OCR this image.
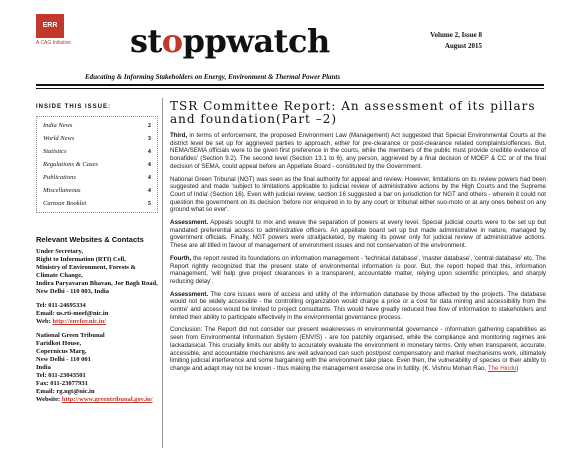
ERR
A CAG Initiative stoppwatch	Volume 2, Issue 8
August 2015
Educating & Informing Stakeholders on Energy, Environment & Thermal Power Plants
INSIDE THIS ISSUE:
India News	2
World News	3
Statistics	4
Regulations & Cases	4
Publications	4
Miscellaneous	4
Cartoon Booklet	5
Relevant Websites & Contacts
Under Secretary,
Right to Information (RTI) Cell,
Ministry of Environment, Forests & Climate Change,
Indira Paryavaran Bhavan, Jor Bagh Road,
New Delhi - 110 003, India
Tel: 011-24695334
Email: us.rti-moef@nic.in
Web: http://envfor.nic.in/
National Green Tribunal
Faridkot House,
Copernicus Marg,
New Delhi - 110 001
India
Tel: 011-23043501
Fax: 011-23077931
Email: rg.ngt@nic.in
Website: http://www.greentribunal.gov.in/
TSR Committee Report: An assessment of its pillars and foundation(Part –2)

Third, in terms of enforcement, the proposed Environment Law (Management) Act suggested that Special Environmental Courts at the district level be set up for aggrieved parties to approach, either for pre-clearance or post-clearance related complaints/offences. But, NEMA/SEMA officials were to be given first preference in the courts, while the members of the public must provide credible evidence of bonafides' (Section 9.2). The second level (Section 13.1 to 6), any person, aggrieved by a final decision of MOEF & CC or of the final decision of SEMA, could appeal before an Appellate Board - constituted by the Government.

National Green Tribunal (NGT) was seen as the final authority for appeal and review. However, limitations on its review powers had been suggested and made 'subject to limitations applicable to judicial review of administrative actions by the High Courts and the Supreme Court of India' (Section 16). Even with judicial review, section 16 suggested a bar on jurisdiction for NGT and others - wherein it could not question the government on its decision 'before nor enquired in to by any court or tribunal either suo-moto or at any ones behest on any ground what so ever'.

Assessment. Appeals sought to mix and weave the separation of powers at every level. Special judicial courts were to be set up but mandated preferential access to administrative officers. An appellate board set up but made administrative in nature, managed by government officials. Finally, NGT powers were straitjacketed, by making its power only for judicial review of administrative actions. These are all titled in favour of management of environment issues and not conservation of the environment.

Fourth, the report rested its foundations on information management - 'technical database', 'master database', 'central database' etc. The Report rightly recognized that the present state of environmental information is poor. But, the report hoped that this, information management, 'will help give project clearances in a transparent, accountable matter, relying upon scientific principles, and sharply reducing delay'.

Assessment. The core issues were of access and utility of the information database by those affected by the projects. The database would not be widely accessible - the controlling organization would charge a price or a cost for data mining and accessibility from the centre' and access would be limited to project consultants. This would have greatly reduced free flow of information to stakeholders and limited their ability to participate effectively in the environmental governance process.

Conclusion: The Report did not consider our present weaknesses in environmental governance - information gathering capabilities as seen from Environmental Information System (ENVIS) - are too patchily organised, while the compliance and monitoring regimes are lackadaisical. This crucially limits our ability to accurately evaluate the environment in monetary terms. Only when transparent, accurate, accessible, and accountable mechanisms are well advanced can such post/post compensatory and market mechanisms work, ultimately limiting judicial interference and some bargaining with the environment take place. Even then, the vulnerability of species or their ability to change and adapt may not be known - thus making the management exercise one in futility. (K. Vishnu Mohan Rao, The Hindu)
